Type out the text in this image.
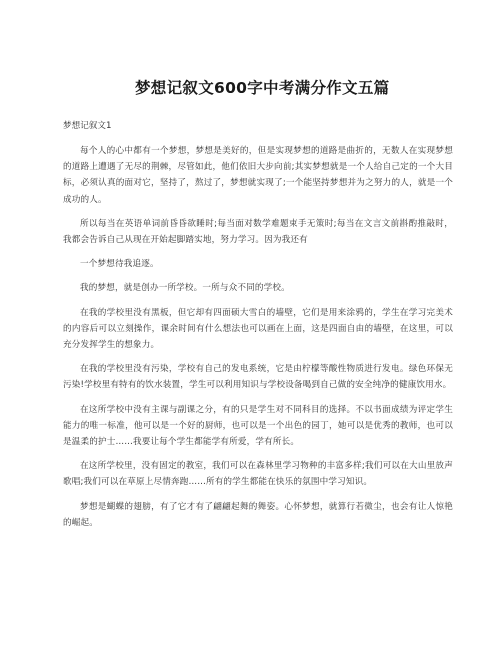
梦想记叙文600字中考满分作文五篇
梦想记叙文1

每个人的心中都有一个梦想，梦想是美好的，但是实现梦想的道路是曲折的，无数人在实现梦想的道路上遭遇了无尽的荆棘，尽管如此，他们依旧大步向前;其实梦想就是一个人给自己定的一个大目标，必须认真的面对它，坚持了，熬过了，梦想就实现了;一个能坚持梦想并为之努力的人，就是一个成功的人。

所以每当在英语单词前昏昏欲睡时;每当面对数学难题束手无策时;每当在文言文前斟酌推敲时，我都会告诉自己从现在开始起脚踏实地，努力学习。因为我还有

一个梦想待我追逐。

我的梦想，就是创办一所学校。一所与众不同的学校。

在我的学校里没有黑板，但它却有四面硕大雪白的墙壁，它们是用来涂鸦的，学生在学习完美术的内容后可以立刻操作，课余时间有什么想法也可以画在上面，这是四面自由的墙壁，在这里，可以充分发挥学生的想象力。

在我的学校里没有污染，学校有自己的发电系统，它是由柠檬等酸性物质进行发电。绿色环保无污染!学校里有特有的饮水装置，学生可以利用知识与学校设备喝到自己做的安全纯净的健康饮用水。

在这所学校中没有主课与副课之分，有的只是学生对不同科目的选择。不以书面成绩为评定学生能力的唯一标准，他可以是一个好的厨师，也可以是一个出色的园丁，她可以是优秀的教师，也可以是温柔的护士……我要让每个学生都能学有所爱，学有所长。

在这所学校里，没有固定的教室，我们可以在森林里学习物种的丰富多样;我们可以在大山里放声歌唱;我们可以在草原上尽情奔跑……所有的学生都能在快乐的氛围中学习知识。

梦想是蝴蝶的翅膀，有了它才有了翩翩起舞的舞姿。心怀梦想，就算行若微尘，也会有让人惊艳的崛起。
